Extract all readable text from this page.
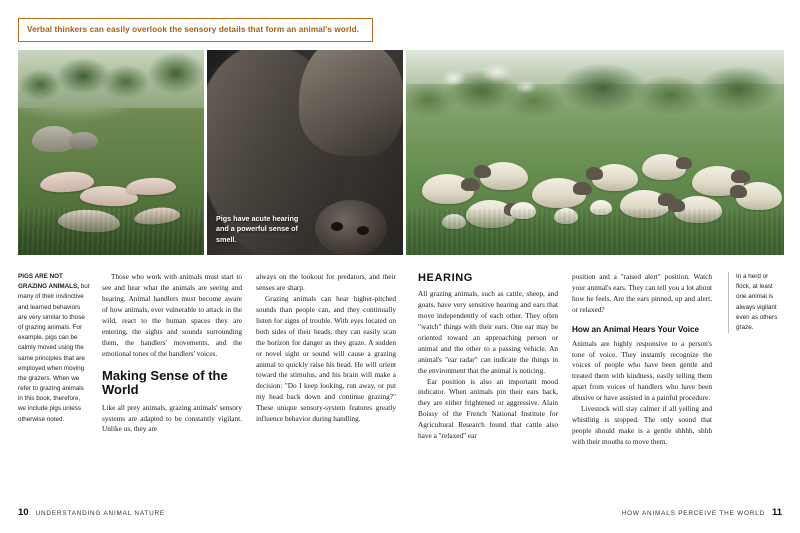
Verbal thinkers can easily overlook the sensory details that form an animal's world.
Pigs have acute hearing and a powerful sense of smell.
PIGS ARE NOT GRAZING ANIMALS, but many of their instinctive and learned behaviors are very similar to those of grazing animals. For example, pigs can be calmly moved using the same principles that are employed when moving the grazers. When we refer to grazing animals in this book, therefore, we include pigs unless otherwise noted.

Those who work with animals must start to see and hear what the animals are seeing and hearing. Animal handlers must become aware of how animals, ever vulnerable to attack in the wild, react to the human spaces they are entering, the sights and sounds surrounding them, the handlers' movements, and the emotional tones of the handlers' voices.

Making Sense of the World

Like all prey animals, grazing animals' sensory systems are adapted to be constantly vigilant. Unlike us, they are

always on the lookout for predators, and their senses are sharp.

Grazing animals can hear higher-pitched sounds than people can, and they continually listen for signs of trouble. With eyes located on both sides of their heads, they can easily scan the horizon for danger as they graze. A sudden or novel sight or sound will cause a grazing animal to quickly raise his head. He will orient toward the stimulus, and his brain will make a decision: "Do I keep looking, run away, or put my head back down and continue grazing?" These unique sensory-system features greatly influence behavior during handling.

HEARING

All grazing animals, such as cattle, sheep, and goats, have very sensitive hearing and ears that move independently of each other. They often "watch" things with their ears. One ear may be oriented toward an approaching person or animal and the other to a passing vehicle. An animal's "ear radar" can indicate the things in the environment that the animal is noticing.

Ear position is also an important mood indicator. When animals pin their ears back, they are either frightened or aggressive. Alain Boissy of the French National Institute for Agricultural Research found that cattle also have a "relaxed" ear

position and a "raised alert" position. Watch your animal's ears. They can tell you a lot about how he feels. Are the ears pinned, up and alert, or relaxed?

How an Animal Hears Your Voice

Animals are highly responsive to a person's tone of voice. They instantly recognize the voices of people who have been gentle and treated them with kindness, easily telling them apart from voices of handlers who have been abusive or have assisted in a painful procedure.

Livestock will stay calmer if all yelling and whistling is stopped. The only sound that people should make is a gentle shhhh, shhh with their mouths to move them.

In a herd or flock, at least one animal is always vigilant even as others graze.
10 UNDERSTANDING ANIMAL NATURE	HOW ANIMALS PERCEIVE THE WORLD 11
